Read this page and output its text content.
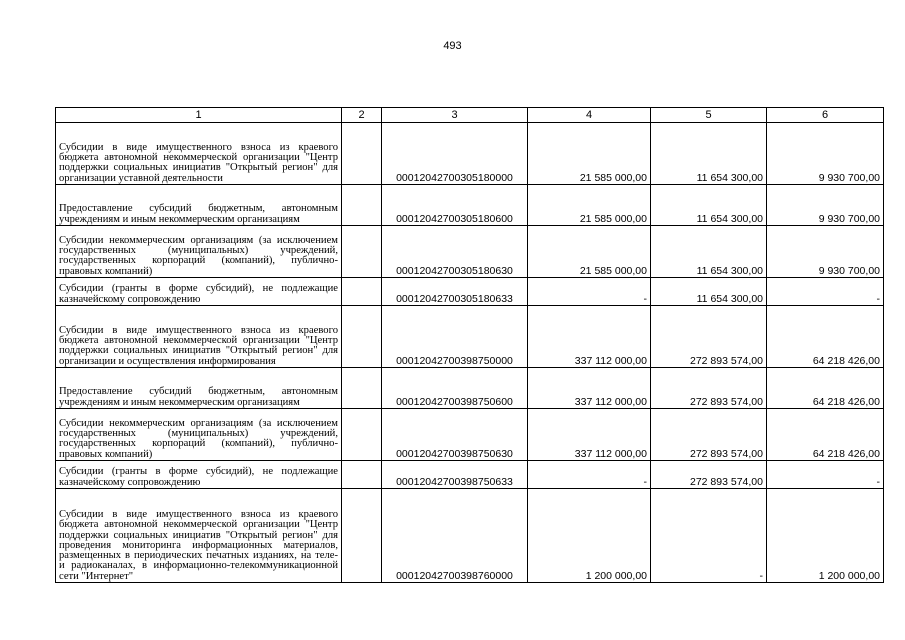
493
1	2	3	4	5	6
Субсидии в виде имущественного взноса из краевого бюджета автономной некоммерческой организации "Центр поддержки социальных инициатив "Открытый регион" для организации уставной деятельности		00012042700305180000	21 585 000,00	11 654 300,00	9 930 700,00
Предоставление субсидий бюджетным, автономным учреждениям и иным некоммерческим организациям		00012042700305180600	21 585 000,00	11 654 300,00	9 930 700,00
Субсидии некоммерческим организациям (за исключением государственных (муниципальных) учреждений, государственных корпораций (компаний), публично-правовых компаний)		00012042700305180630	21 585 000,00	11 654 300,00	9 930 700,00
Субсидии (гранты в форме субсидий), не подлежащие казначейскому сопровождению		00012042700305180633	-	11 654 300,00	-
Субсидии в виде имущественного взноса из краевого бюджета автономной некоммерческой организации "Центр поддержки социальных инициатив "Открытый регион" для организации и осуществления информирования		00012042700398750000	337 112 000,00	272 893 574,00	64 218 426,00
Предоставление субсидий бюджетным, автономным учреждениям и иным некоммерческим организациям		00012042700398750600	337 112 000,00	272 893 574,00	64 218 426,00
Субсидии некоммерческим организациям (за исключением государственных (муниципальных) учреждений, государственных корпораций (компаний), публично-правовых компаний)		00012042700398750630	337 112 000,00	272 893 574,00	64 218 426,00
Субсидии (гранты в форме субсидий), не подлежащие казначейскому сопровождению		00012042700398750633	-	272 893 574,00	-
Субсидии в виде имущественного взноса из краевого бюджета автономной некоммерческой организации "Центр поддержки социальных инициатив "Открытый регион" для проведения мониторинга информационных материалов, размещенных в периодических печатных изданиях, на теле- и радиоканалах, в информационно-телекоммуникационной сети "Интернет"		00012042700398760000	1 200 000,00	-	1 200 000,00
